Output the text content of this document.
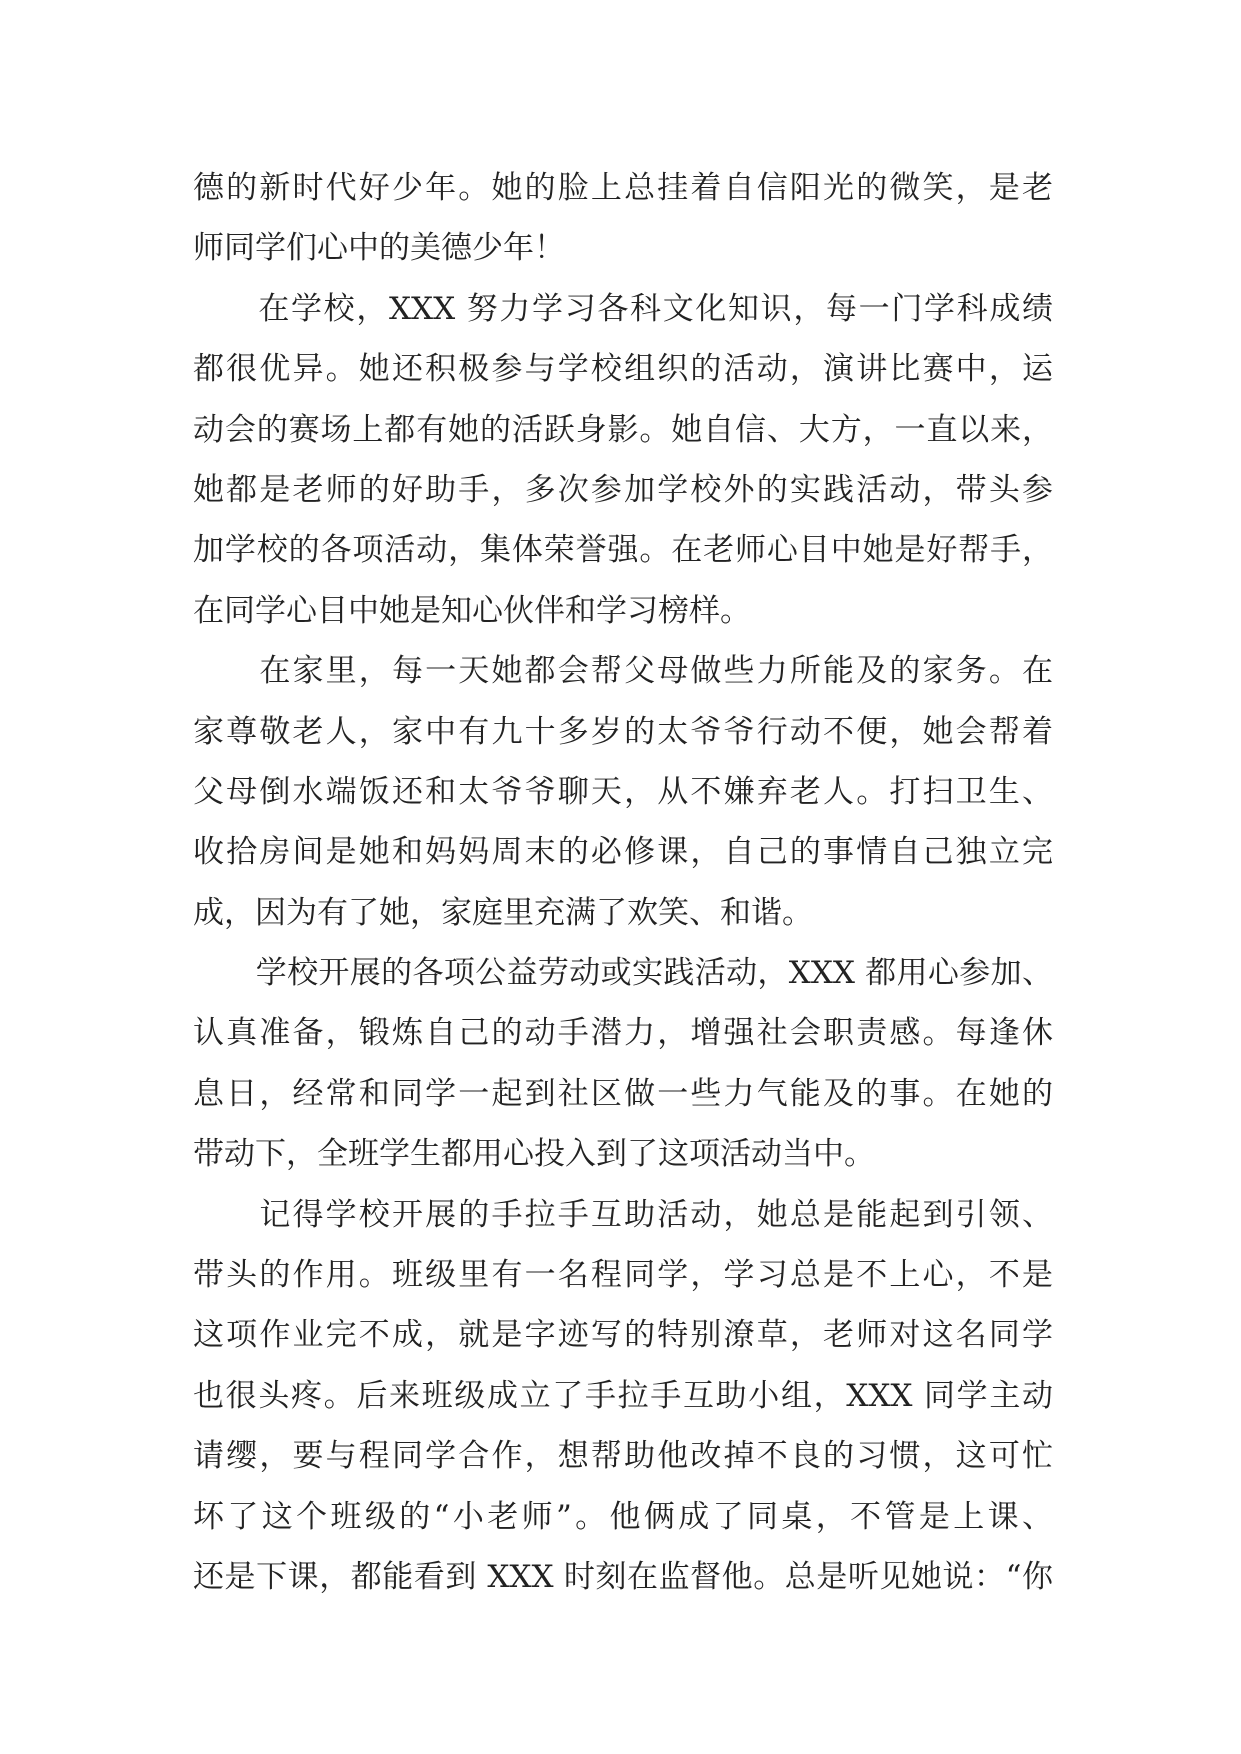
德的新时代好少年。她的脸上总挂着自信阳光的微笑，是老
师同学们心中的美德少年！
　　在学校，XXX 努力学习各科文化知识，每一门学科成绩
都很优异。她还积极参与学校组织的活动，演讲比赛中，运
动会的赛场上都有她的活跃身影。她自信、大方，一直以来，
她都是老师的好助手，多次参加学校外的实践活动，带头参
加学校的各项活动，集体荣誉强。在老师心目中她是好帮手，
在同学心目中她是知心伙伴和学习榜样。
　　在家里，每一天她都会帮父母做些力所能及的家务。在
家尊敬老人，家中有九十多岁的太爷爷行动不便，她会帮着
父母倒水端饭还和太爷爷聊天，从不嫌弃老人。打扫卫生、
收拾房间是她和妈妈周末的必修课，自己的事情自己独立完
成，因为有了她，家庭里充满了欢笑、和谐。
　　学校开展的各项公益劳动或实践活动，XXX 都用心参加、
认真准备，锻炼自己的动手潜力，增强社会职责感。每逢休
息日，经常和同学一起到社区做一些力气能及的事。在她的
带动下，全班学生都用心投入到了这项活动当中。
　　记得学校开展的手拉手互助活动，她总是能起到引领、
带头的作用。班级里有一名程同学，学习总是不上心，不是
这项作业完不成，就是字迹写的特别潦草，老师对这名同学
也很头疼。后来班级成立了手拉手互助小组，XXX 同学主动
请缨，要与程同学合作，想帮助他改掉不良的习惯，这可忙
坏了这个班级的“小老师”。他俩成了同桌，不管是上课、
还是下课，都能看到 XXX 时刻在监督他。总是听见她说：“你
